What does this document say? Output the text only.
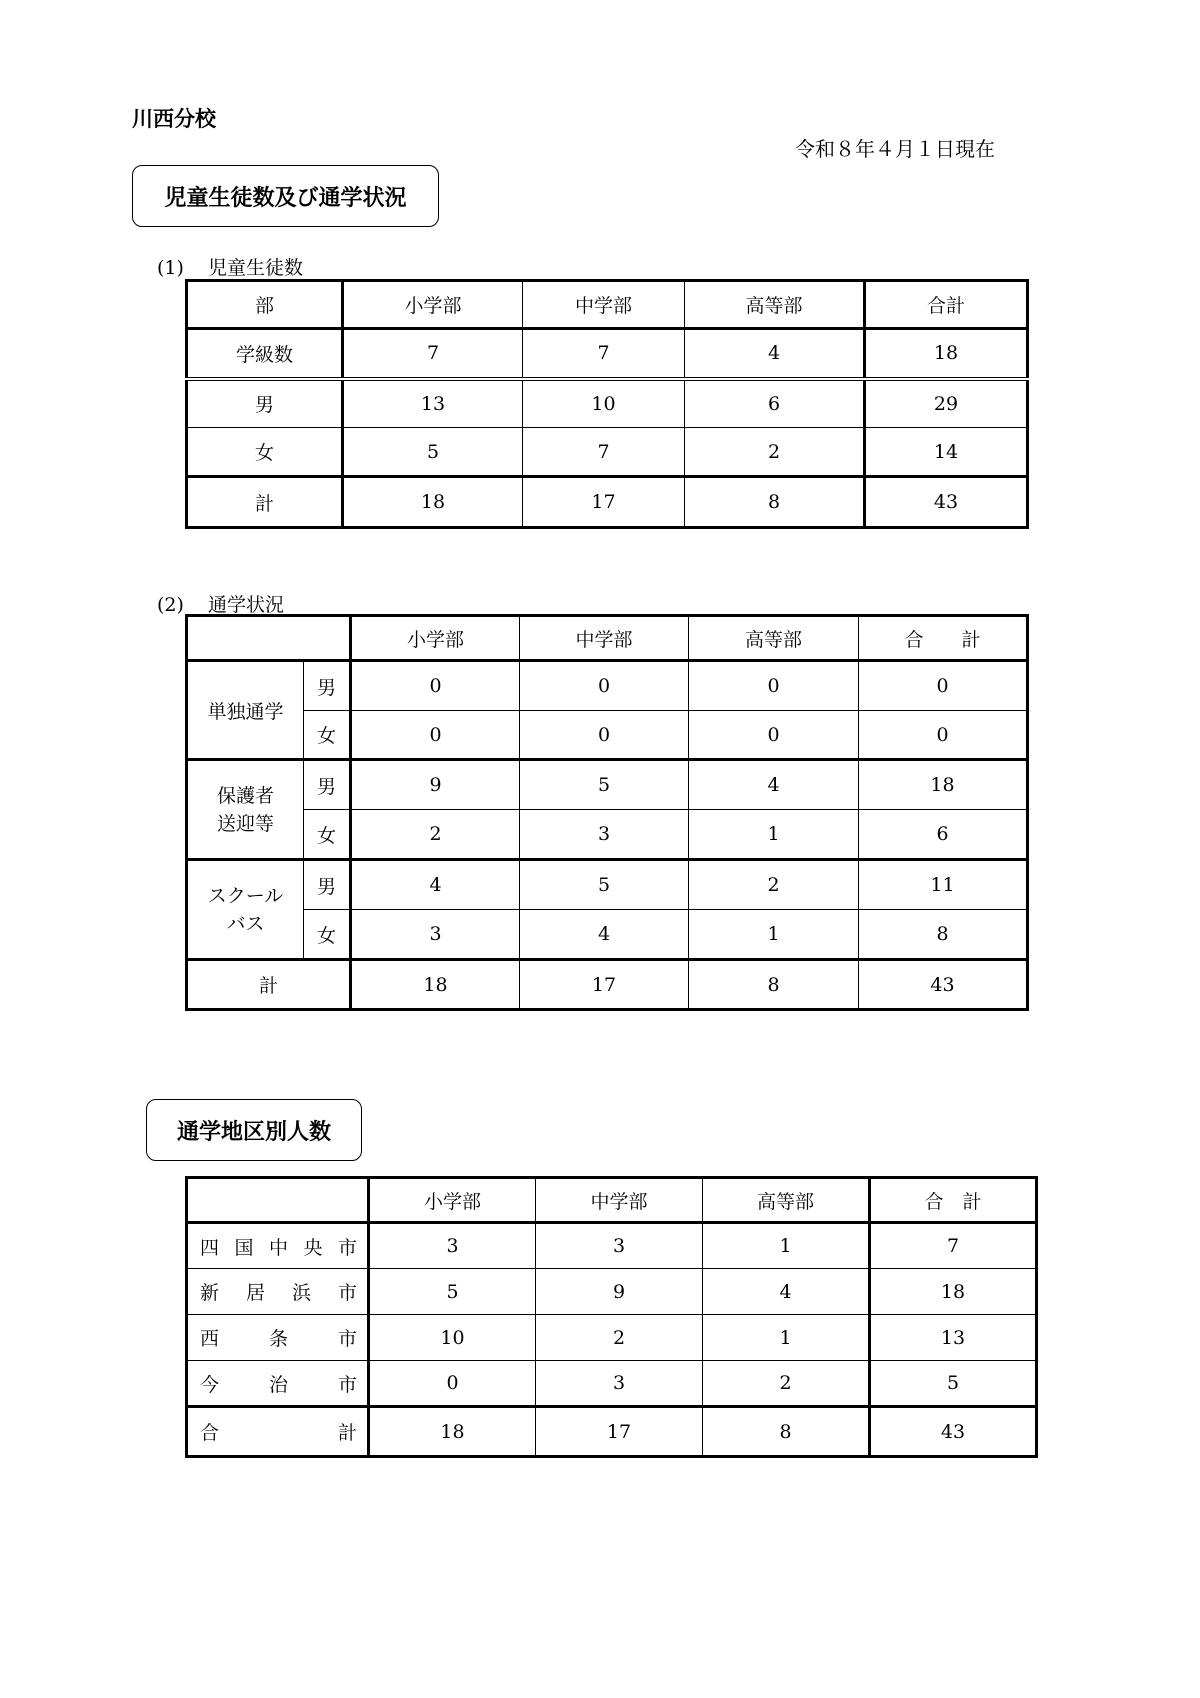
川西分校
令和８年４月１日現在
児童生徒数及び通学状況
(1) 児童生徒数
部	小学部	中学部	高等部	合計
学級数	7	7	4	18
男	13	10	6	29
女	5	7	2	14
計	18	17	8	43
(2) 通学状況
		小学部	中学部	高等部	合　　計
単独通学	男	0	0	0	0
	女	0	0	0	0

保護者
送迎等	男	9	5	4	18
	女	2	3	1	6

スクール
バス	男	4	5	2	11
	女	3	4	1	8
計		18	17	8	43
通学地区別人数
	小学部	中学部	高等部	合　計

四 国 中 央 市	3	3	1	7

新 居 浜 市	5	9	4	18

西 条 市	10	2	1	13

今 治 市	0	3	2	5

合 計	18	17	8	43
